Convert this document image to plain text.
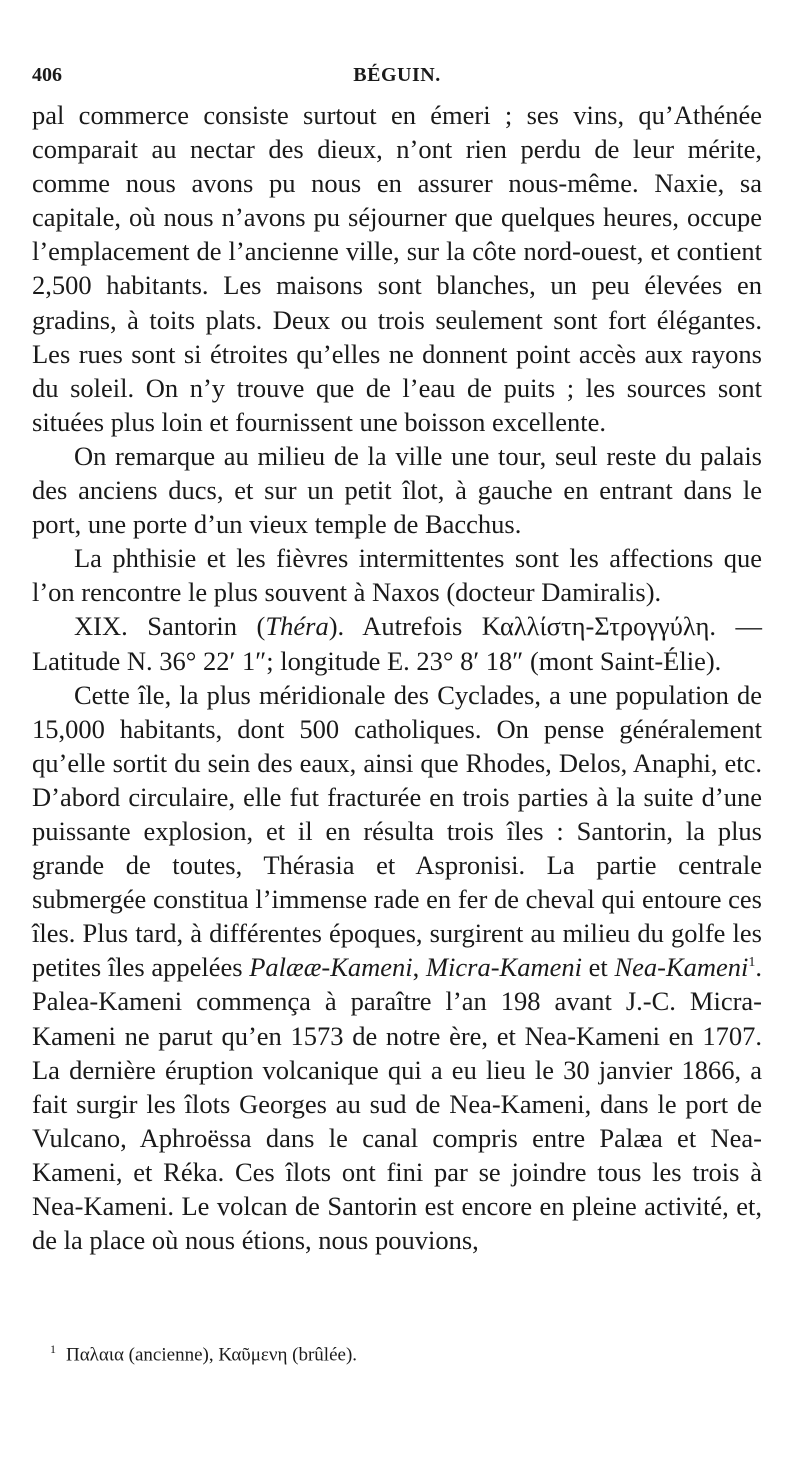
406	BÉGUIN.

pal commerce consiste surtout en émeri ; ses vins, qu’Athénée comparait au nectar des dieux, n’ont rien perdu de leur mérite, comme nous avons pu nous en assurer nous-même. Naxie, sa capitale, où nous n’avons pu séjourner que quelques heures, occupe l’emplacement de l’ancienne ville, sur la côte nord-ouest, et contient 2,500 habitants. Les maisons sont blanches, un peu élevées en gradins, à toits plats. Deux ou trois seulement sont fort élégantes. Les rues sont si étroites qu’elles ne donnent point accès aux rayons du soleil. On n’y trouve que de l’eau de puits ; les sources sont situées plus loin et fournissent une boisson excellente.

On remarque au milieu de la ville une tour, seul reste du palais des anciens ducs, et sur un petit îlot, à gauche en entrant dans le port, une porte d’un vieux temple de Bacchus.

La phthisie et les fièvres intermittentes sont les affections que l’on rencontre le plus souvent à Naxos (docteur Damiralis).

XIX. Santorin (Théra). Autrefois Καλλίστη-Στρογγύλη. — Latitude N. 36° 22′ 1″; longitude E. 23° 8′ 18″ (mont Saint-Élie).

Cette île, la plus méridionale des Cyclades, a une population de 15,000 habitants, dont 500 catholiques. On pense généralement qu’elle sortit du sein des eaux, ainsi que Rhodes, Delos, Anaphi, etc. D’abord circulaire, elle fut fracturée en trois parties à la suite d’une puissante explosion, et il en résulta trois îles : Santorin, la plus grande de toutes, Thérasia et Aspronisi. La partie centrale submergée constitua l’immense rade en fer de cheval qui entoure ces îles. Plus tard, à différentes époques, surgirent au milieu du golfe les petites îles appelées Palææ-Kameni, Micra-Kameni et Nea-Kameni$^1$. Palea-Kameni commença à paraître l’an 198 avant J.-C. Micra-Kameni ne parut qu’en 1573 de notre ère, et Nea-Kameni en 1707. La dernière éruption volcanique qui a eu lieu le 30 janvier 1866, a fait surgir les îlots Georges au sud de Nea-Kameni, dans le port de Vulcano, Aphroëssa dans le canal compris entre Palæa et Nea-Kameni, et Réka. Ces îlots ont fini par se joindre tous les trois à Nea-Kameni. Le volcan de Santorin est encore en pleine activité, et, de la place où nous étions, nous pouvions,

$^1$ Παλαια (ancienne), Καῦμενη (brûlée).
